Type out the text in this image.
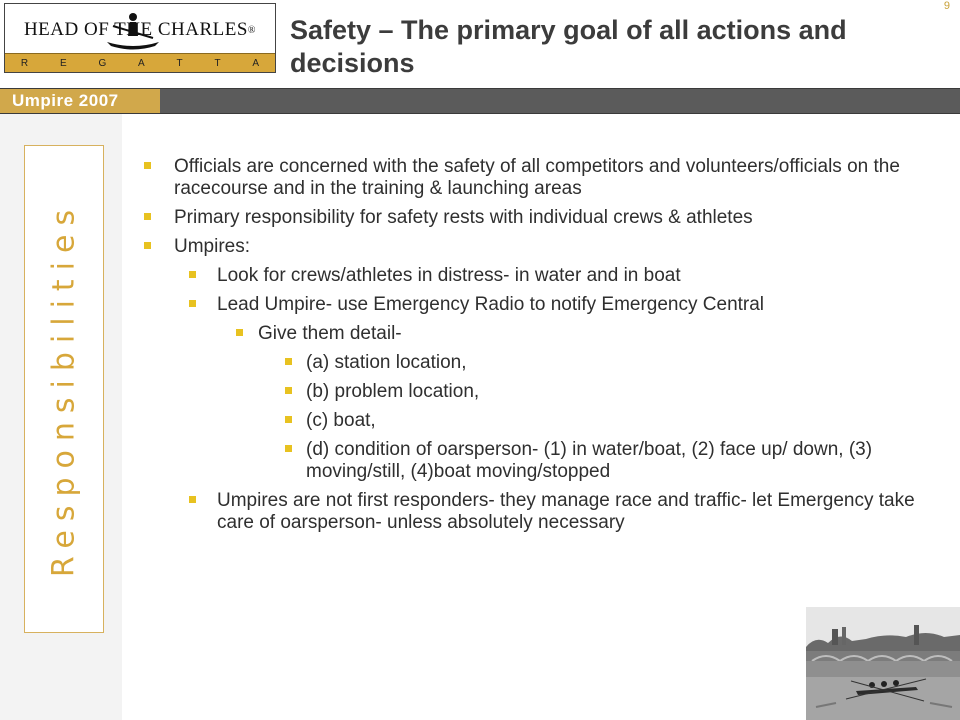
HEAD OF THE CHARLES ®
R	E	G	A	T	T	A
Safety – The primary goal of all actions and decisions
9
Umpire 2007
Responsibilities
Officials are concerned with the safety of all competitors and volunteers/officials on the racecourse and in the training & launching areas
Primary responsibility for safety rests with individual crews & athletes
Umpires:
Look for crews/athletes in distress- in water and in boat
Lead Umpire- use Emergency Radio to notify Emergency Central
Give them detail-
(a) station location,
(b) problem location,
(c) boat,
(d) condition of oarsperson- (1) in water/boat, (2) face up/ down, (3) moving/still, (4)boat moving/stopped
Umpires are not first responders- they manage race and traffic- let Emergency take care of oarsperson- unless absolutely necessary
